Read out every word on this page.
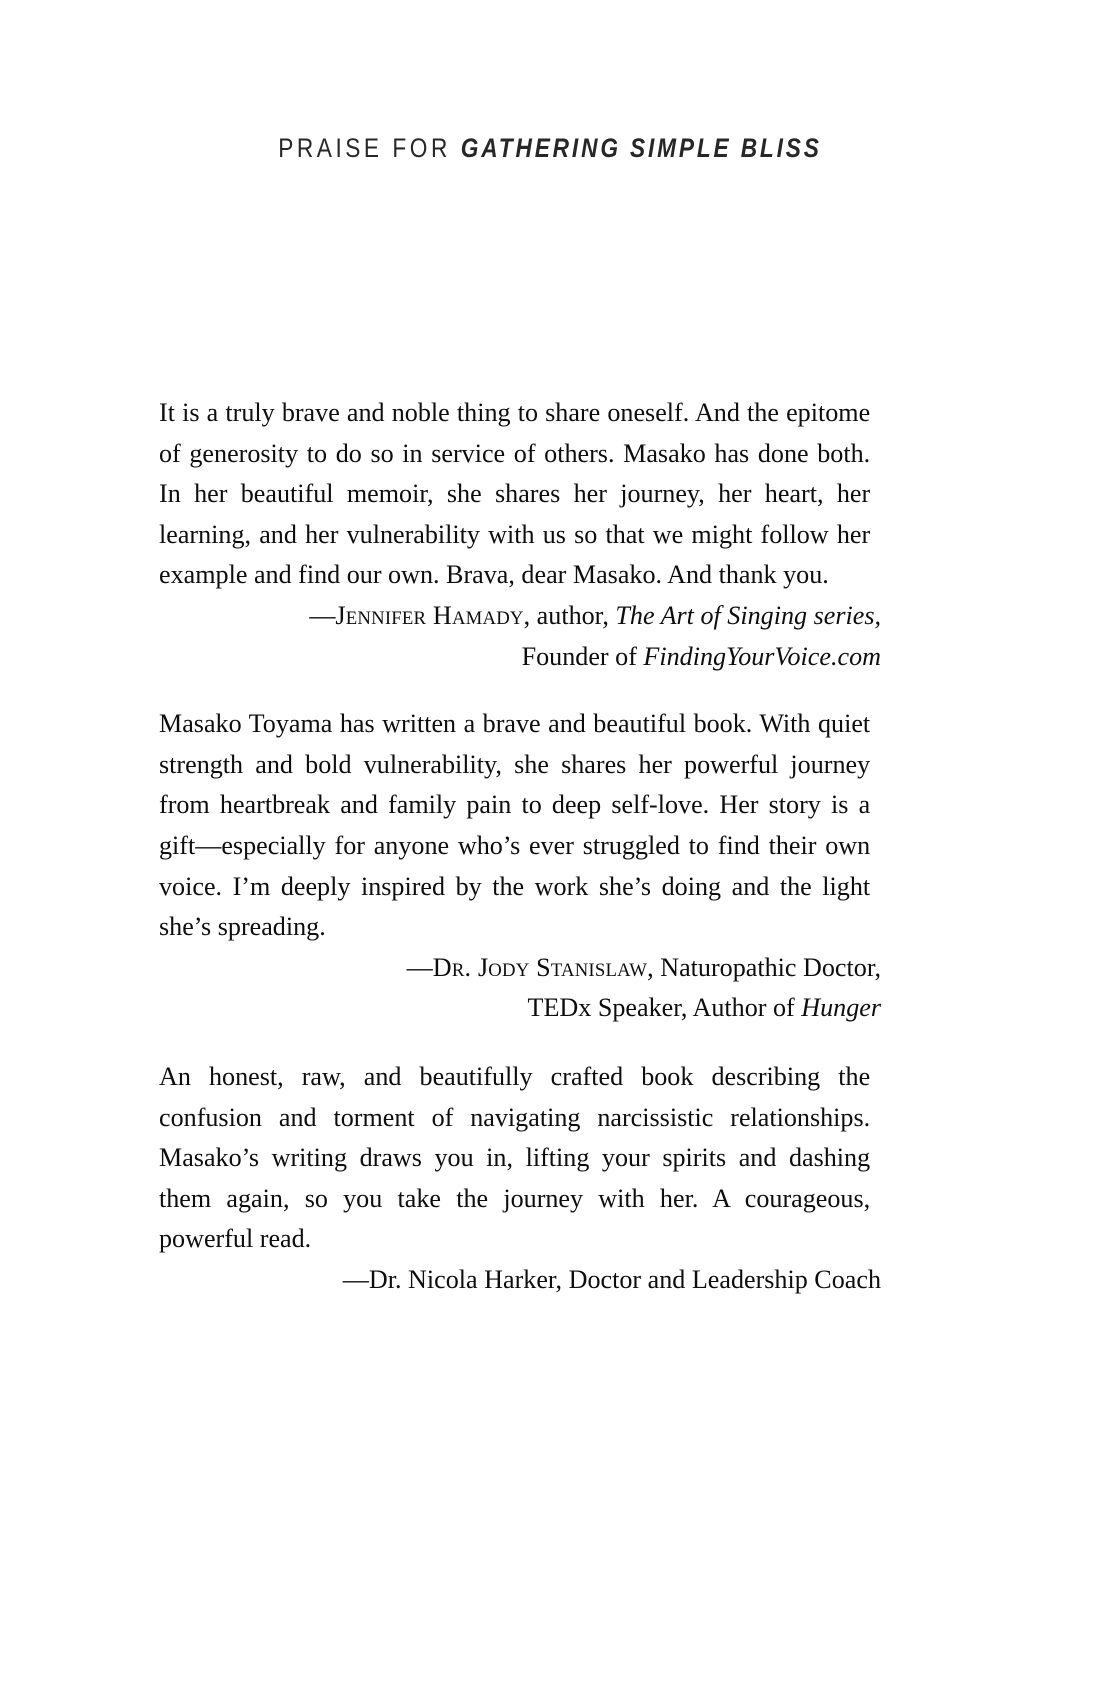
PRAISE FOR GATHERING SIMPLE BLISS

It is a truly brave and noble thing to share oneself. And the epitome of generosity to do so in service of others. Masako has done both. In her beautiful memoir, she shares her journey, her heart, her learning, and her vulnerability with us so that we might follow her example and find our own. Brava, dear Masako. And thank you.

—Jennifer Hamady, author, The Art of Singing series,

Founder of FindingYourVoice.com

Masako Toyama has written a brave and beautiful book. With quiet strength and bold vulnerability, she shares her powerful journey from heartbreak and family pain to deep self-love. Her story is a gift—especially for anyone who’s ever struggled to find their own voice. I’m deeply inspired by the work she’s doing and the light she’s spreading.

—Dr. Jody Stanislaw, Naturopathic Doctor,

TEDx Speaker, Author of Hunger

An honest, raw, and beautifully crafted book describing the confusion and torment of navigating narcissistic relationships. Masako’s writing draws you in, lifting your spirits and dashing them again, so you take the journey with her. A courageous, powerful read.

—Dr. Nicola Harker, Doctor and Leadership Coach
